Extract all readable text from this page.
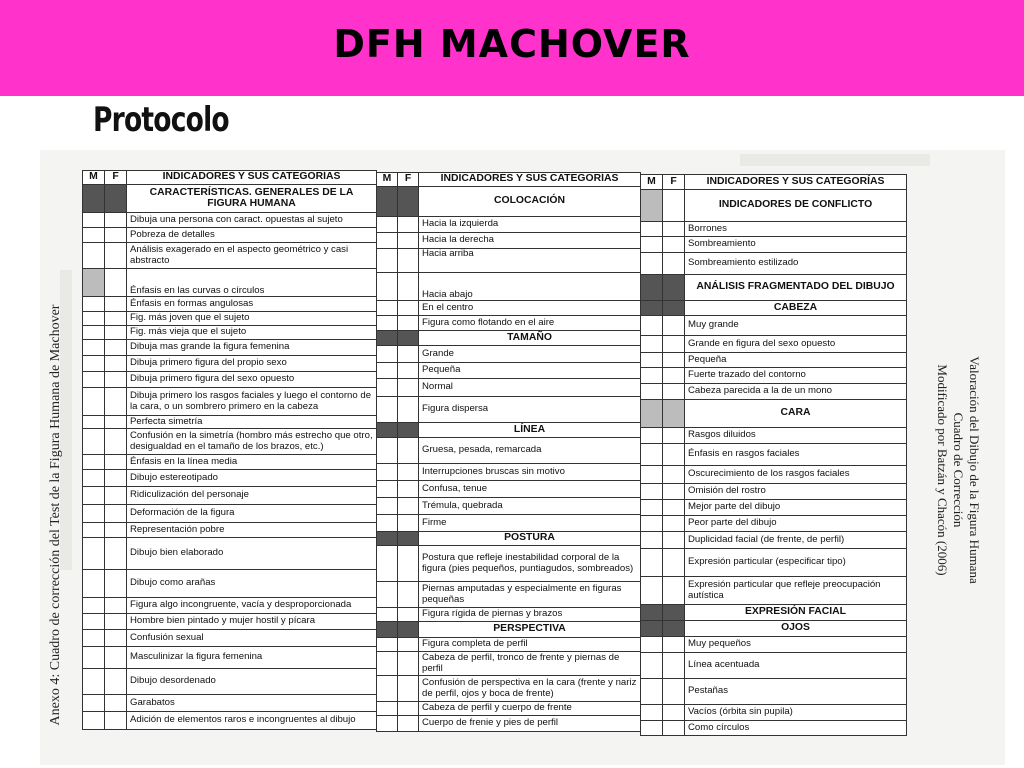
DFH MACHOVER
Protocolo
Anexo 4: Cuadro de corrección del Test de la Figura Humana de Machover	Valoración del Dibujo de la Figura Humana
Cuadro de Corrección
Modificado por Batzán y Chacón (2006)
M	F	INDICADORES Y SUS CATEGORÍAS
		CARACTERÍSTICAS. GENERALES DE LA FIGURA HUMANA
		Dibuja una persona con caract. opuestas al sujeto
		Pobreza de detalles
		Análisis exagerado en el aspecto geométrico y casi abstracto
		Énfasis en las curvas o círculos
		Énfasis en formas angulosas
		Fig. más joven que el sujeto
		Fig. más vieja que el sujeto
		Dibuja mas grande la figura femenina
		Dibuja primero figura del propio sexo
		Dibuja primero figura del sexo opuesto
		Dibuja primero los rasgos faciales y luego el contorno de la cara, o un sombrero primero en la cabeza
		Perfecta simetría
		Confusión en la simetría (hombro más estrecho que otro, desigualdad en el tamaño de los brazos, etc.)
		Énfasis en la línea media
		Dibujo estereotipado
		Ridiculización del personaje
		Deformación de la figura
		Representación pobre
		Dibujo bien elaborado
		Dibujo como arañas
		Figura algo incongruente, vacía y desproporcionada
		Hombre bien pintado y mujer hostil y pícara
		Confusión sexual
		Masculinizar la figura femenina
		Dibujo desordenado
		Garabatos
		Adición de elementos raros e incongruentes al dibujo
M	F	INDICADORES Y SUS CATEGORÍAS
		COLOCACIÓN
		Hacia la izquierda
		Hacia la derecha
		Hacia arriba
		Hacia abajo
		En el centro
		Figura como flotando en el aire
		TAMAÑO
		Grande
		Pequeña
		Normal
		Figura dispersa
		LÍNEA
		Gruesa, pesada, remarcada
		Interrupciones bruscas sin motivo
		Confusa, tenue
		Trémula, quebrada
		Firme
		POSTURA
		Postura que refleje inestabilidad corporal de la figura (pies pequeños, puntiagudos, sombreados)
		Piernas amputadas y especialmente en figuras pequeñas
		Figura rígida de piernas y brazos
		PERSPECTIVA
		Figura completa de perfil
		Cabeza de perfil, tronco de frente y piernas de perfil
		Confusión de perspectiva en la cara (frente y nariz de perfil, ojos y boca de frente)
		Cabeza de perfil y cuerpo de frente
		Cuerpo de frenie y pies de perfil
M	F	INDICADORES Y SUS CATEGORÍAS
		INDICADORES DE CONFLICTO
		Borrones
		Sombreamiento
		Sombreamiento estilizado
		ANÁLISIS FRAGMENTADO DEL DIBUJO
		CABEZA
		Muy grande
		Grande en figura del sexo opuesto
		Pequeña
		Fuerte trazado del contorno
		Cabeza parecida a la de un mono
		CARA
		Rasgos diluidos
		Énfasis en rasgos faciales
		Oscurecimiento de los rasgos faciales
		Omisión del rostro
		Mejor parte del dibujo
		Peor parte del dibujo
		Duplicidad facial (de frente, de perfil)
		Expresión particular (especificar tipo)
		Expresión particular que refleje preocupación autística
		EXPRESIÓN FACIAL
		OJOS
		Muy pequeños
		Línea acentuada
		Pestañas
		Vacíos (órbita sin pupila)
		Como círculos
